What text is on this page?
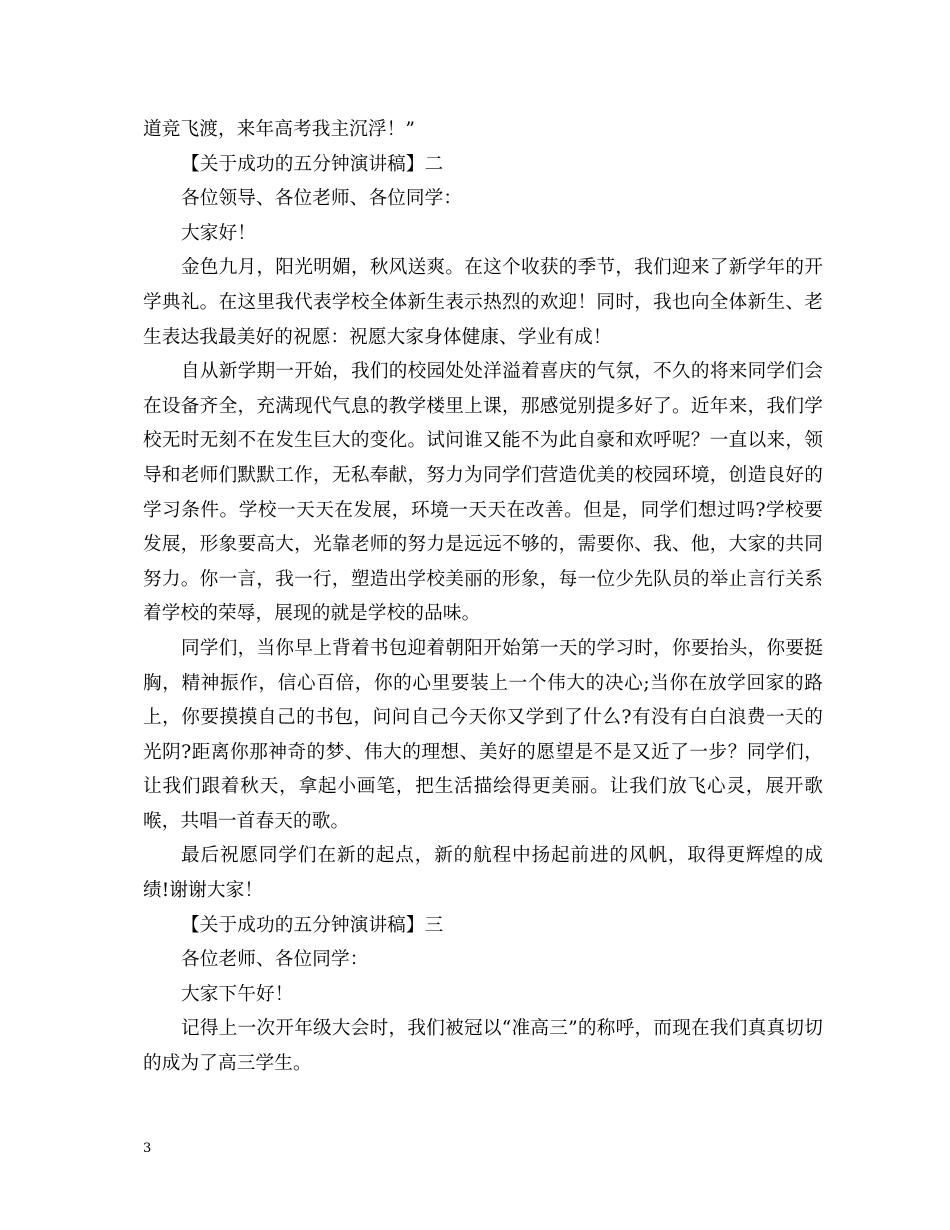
道竞飞渡，来年高考我主沉浮！”

【关于成功的五分钟演讲稿】二

各位领导、各位老师、各位同学：

大家好！

金色九月，阳光明媚，秋风送爽。在这个收获的季节，我们迎来了新学年的开学典礼。在这里我代表学校全体新生表示热烈的欢迎！同时，我也向全体新生、老生表达我最美好的祝愿：祝愿大家身体健康、学业有成！

自从新学期一开始，我们的校园处处洋溢着喜庆的气氛，不久的将来同学们会在设备齐全，充满现代气息的教学楼里上课，那感觉别提多好了。近年来，我们学校无时无刻不在发生巨大的变化。试问谁又能不为此自豪和欢呼呢？一直以来，领导和老师们默默工作，无私奉献，努力为同学们营造优美的校园环境，创造良好的学习条件。学校一天天在发展，环境一天天在改善。但是，同学们想过吗?学校要发展，形象要高大，光靠老师的努力是远远不够的，需要你、我、他，大家的共同努力。你一言，我一行，塑造出学校美丽的形象，每一位少先队员的举止言行关系着学校的荣辱，展现的就是学校的品味。

同学们，当你早上背着书包迎着朝阳开始第一天的学习时，你要抬头，你要挺胸，精神振作，信心百倍，你的心里要装上一个伟大的决心;当你在放学回家的路上，你要摸摸自己的书包，问问自己今天你又学到了什么?有没有白白浪费一天的光阴?距离你那神奇的梦、伟大的理想、美好的愿望是不是又近了一步？同学们，让我们跟着秋天，拿起小画笔，把生活描绘得更美丽。让我们放飞心灵，展开歌喉，共唱一首春天的歌。

最后祝愿同学们在新的起点，新的航程中扬起前进的风帆，取得更辉煌的成绩!谢谢大家！

【关于成功的五分钟演讲稿】三

各位老师、各位同学：

大家下午好！

记得上一次开年级大会时，我们被冠以“准高三”的称呼，而现在我们真真切切的成为了高三学生。

3
